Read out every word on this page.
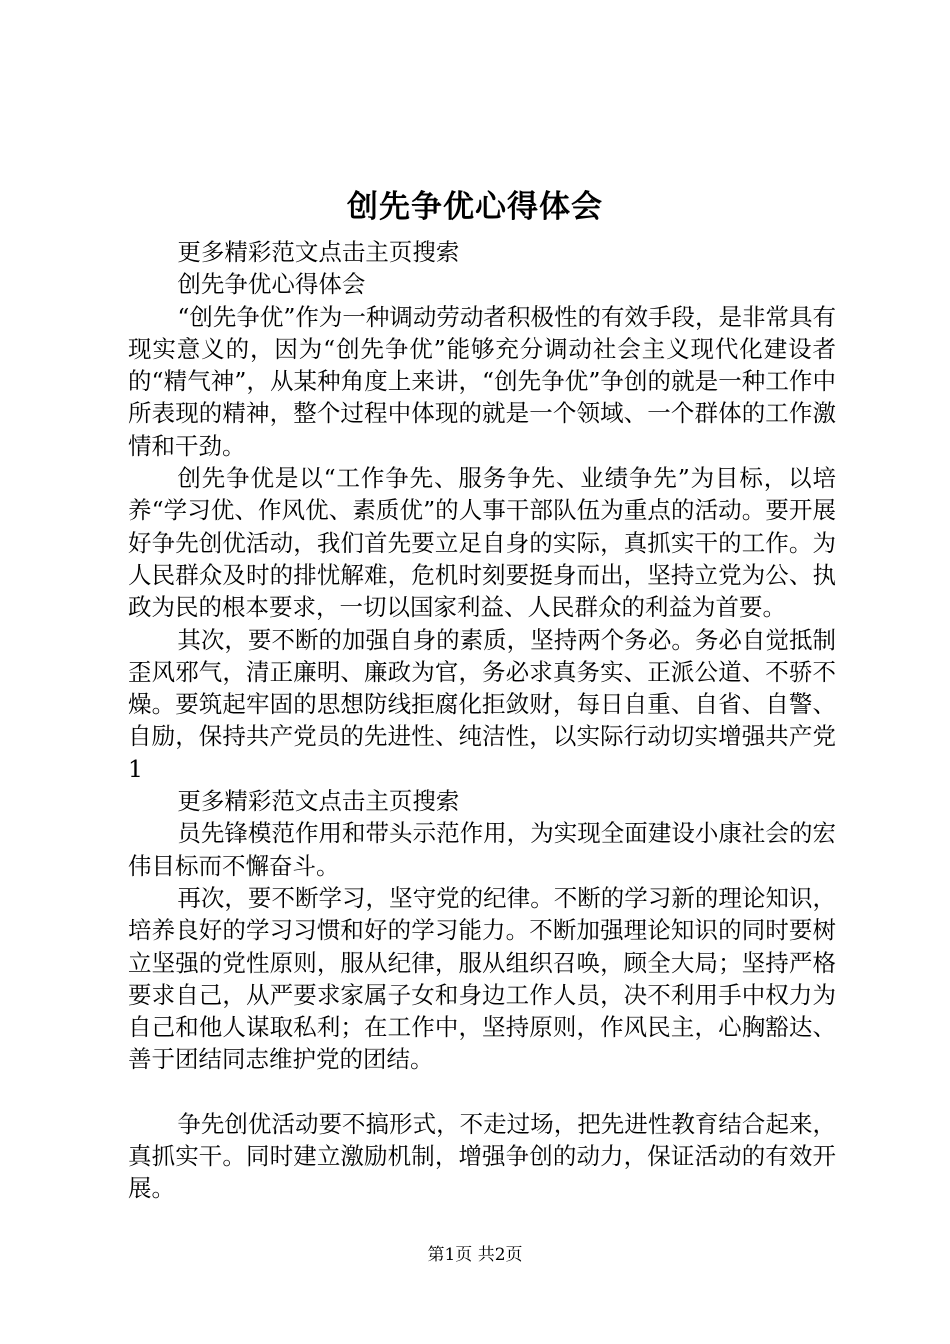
创先争优心得体会

更多精彩范文点击主页搜索

创先争优心得体会

“创先争优”作为一种调动劳动者积极性的有效手段，是非常具有现实意义的，因为“创先争优”能够充分调动社会主义现代化建设者的“精气神”，从某种角度上来讲，“创先争优”争创的就是一种工作中所表现的精神，整个过程中体现的就是一个领域、一个群体的工作激情和干劲。

创先争优是以“工作争先、服务争先、业绩争先”为目标，以培养“学习优、作风优、素质优”的人事干部队伍为重点的活动。要开展好争先创优活动，我们首先要立足自身的实际，真抓实干的工作。为人民群众及时的排忧解难，危机时刻要挺身而出，坚持立党为公、执政为民的根本要求，一切以国家利益、人民群众的利益为首要。

其次，要不断的加强自身的素质，坚持两个务必。务必自觉抵制歪风邪气，清正廉明、廉政为官，务必求真务实、正派公道、不骄不燥。要筑起牢固的思想防线拒腐化拒敛财，每日自重、自省、自警、自励，保持共产党员的先进性、纯洁性，以实际行动切实增强共产党1

更多精彩范文点击主页搜索

员先锋模范作用和带头示范作用，为实现全面建设小康社会的宏伟目标而不懈奋斗。

再次，要不断学习，坚守党的纪律。不断的学习新的理论知识，培养良好的学习习惯和好的学习能力。不断加强理论知识的同时要树立坚强的党性原则，服从纪律，服从组织召唤，顾全大局；坚持严格要求自己，从严要求家属子女和身边工作人员，决不利用手中权力为自己和他人谋取私利；在工作中，坚持原则，作风民主，心胸豁达、善于团结同志维护党的团结。

争先创优活动要不搞形式，不走过场，把先进性教育结合起来，真抓实干。同时建立激励机制，增强争创的动力，保证活动的有效开展。

第1页 共2页
